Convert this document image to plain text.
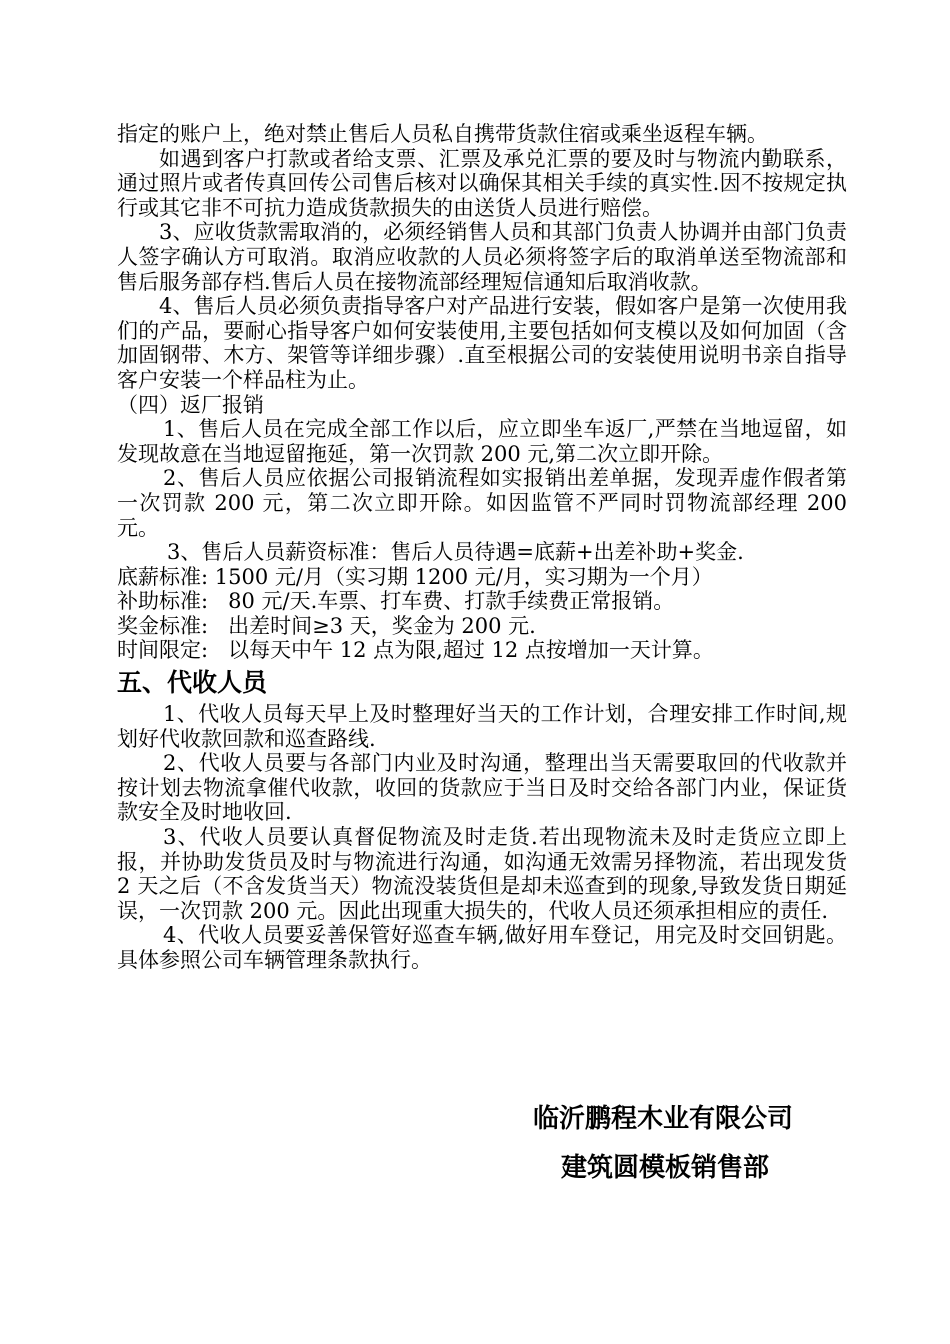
指定的账户上，绝对禁止售后人员私自携带货款住宿或乘坐返程车辆。

如遇到客户打款或者给支票、汇票及承兑汇票的要及时与物流内勤联系，通过照片或者传真回传公司售后核对以确保其相关手续的真实性.因不按规定执行或其它非不可抗力造成货款损失的由送货人员进行赔偿。

3、应收货款需取消的，必须经销售人员和其部门负责人协调并由部门负责人签字确认方可取消。取消应收款的人员必须将签字后的取消单送至物流部和售后服务部存档.售后人员在接物流部经理短信通知后取消收款。

4、售后人员必须负责指导客户对产品进行安装，假如客户是第一次使用我们的产品，要耐心指导客户如何安装使用,主要包括如何支模以及如何加固（含加固钢带、木方、架管等详细步骤）.直至根据公司的安装使用说明书亲自指导客户安装一个样品柱为止。

（四）返厂报销

1、售后人员在完成全部工作以后，应立即坐车返厂,严禁在当地逗留，如发现故意在当地逗留拖延，第一次罚款 200 元,第二次立即开除。

2、售后人员应依据公司报销流程如实报销出差单据，发现弄虚作假者第一次罚款 200 元，第二次立即开除。如因监管不严同时罚物流部经理 200 元。

3、售后人员薪资标准：售后人员待遇=底薪+出差补助+奖金.

底薪标准: 1500 元/月（实习期 1200 元/月，实习期为一个月）

补助标准:   80 元/天.车票、打车费、打款手续费正常报销。

奖金标准:   出差时间≥3 天，奖金为 200 元.

时间限定:   以每天中午 12 点为限,超过 12 点按增加一天计算。

五、代收人员

1、代收人员每天早上及时整理好当天的工作计划，合理安排工作时间,规划好代收款回款和巡查路线.

2、代收人员要与各部门内业及时沟通，整理出当天需要取回的代收款并按计划去物流拿催代收款，收回的货款应于当日及时交给各部门内业，保证货款安全及时地收回.

3、代收人员要认真督促物流及时走货.若出现物流未及时走货应立即上报，并协助发货员及时与物流进行沟通，如沟通无效需另择物流，若出现发货 2 天之后（不含发货当天）物流没装货但是却未巡查到的现象,导致发货日期延误，一次罚款 200 元。因此出现重大损失的，代收人员还须承担相应的责任.

4、代收人员要妥善保管好巡查车辆,做好用车登记，用完及时交回钥匙。具体参照公司车辆管理条款执行。

临沂鹏程木业有限公司
建筑圆模板销售部
